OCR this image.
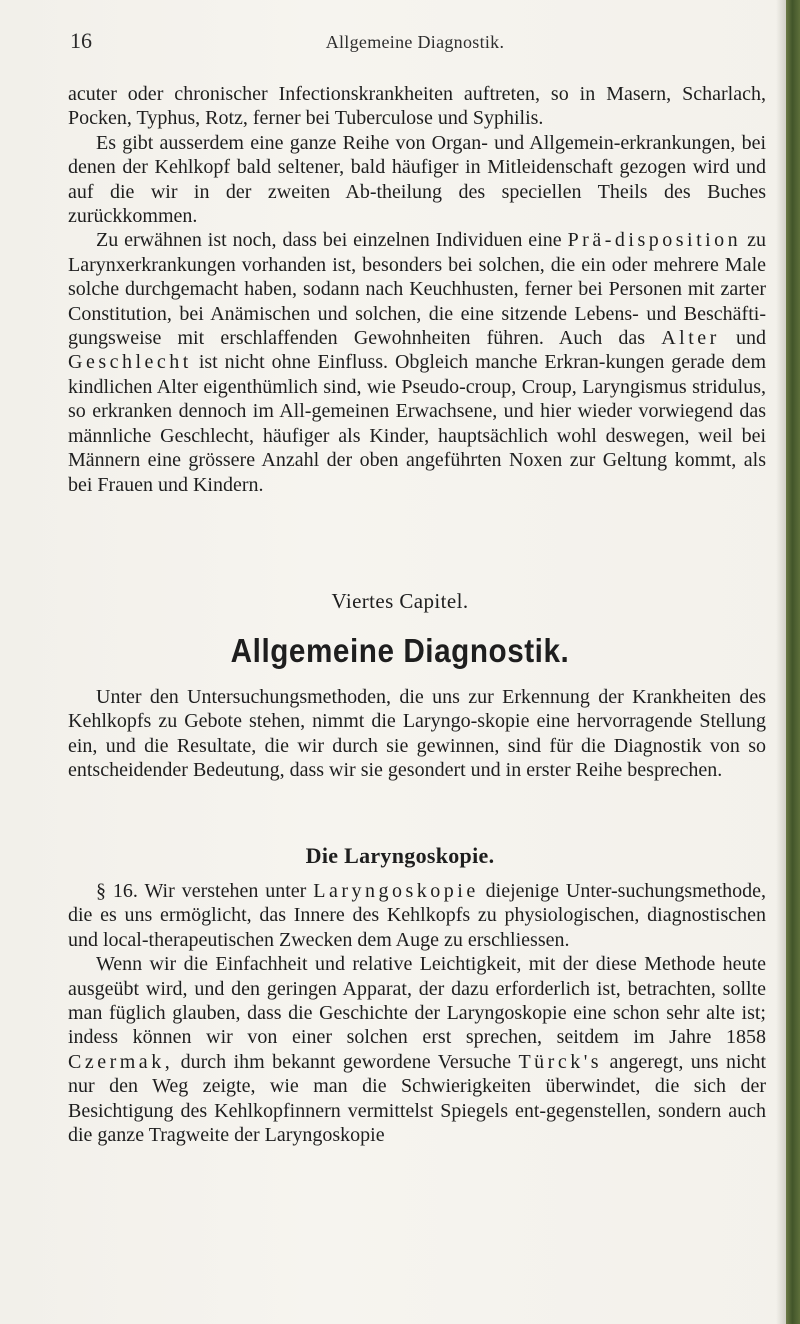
16	Allgemeine Diagnostik.

acuter oder chronischer Infectionskrankheiten auftreten, so in Masern, Scharlach, Pocken, Typhus, Rotz, ferner bei Tuberculose und Syphilis.

Es gibt ausserdem eine ganze Reihe von Organ- und Allgemein-erkrankungen, bei denen der Kehlkopf bald seltener, bald häufiger in Mitleidenschaft gezogen wird und auf die wir in der zweiten Ab-theilung des speciellen Theils des Buches zurückkommen.

Zu erwähnen ist noch, dass bei einzelnen Individuen eine Prä-disposition zu Larynxerkrankungen vorhanden ist, besonders bei solchen, die ein oder mehrere Male solche durchgemacht haben, sodann nach Keuchhusten, ferner bei Personen mit zarter Constitution, bei Anämischen und solchen, die eine sitzende Lebens- und Beschäfti-gungsweise mit erschlaffenden Gewohnheiten führen. Auch das Alter und Geschlecht ist nicht ohne Einfluss. Obgleich manche Erkran-kungen gerade dem kindlichen Alter eigenthümlich sind, wie Pseudo-croup, Croup, Laryngismus stridulus, so erkranken dennoch im All-gemeinen Erwachsene, und hier wieder vorwiegend das männliche Geschlecht, häufiger als Kinder, hauptsächlich wohl deswegen, weil bei Männern eine grössere Anzahl der oben angeführten Noxen zur Geltung kommt, als bei Frauen und Kindern.

Viertes Capitel.
Allgemeine Diagnostik.

Unter den Untersuchungsmethoden, die uns zur Erkennung der Krankheiten des Kehlkopfs zu Gebote stehen, nimmt die Laryngo-skopie eine hervorragende Stellung ein, und die Resultate, die wir durch sie gewinnen, sind für die Diagnostik von so entscheidender Bedeutung, dass wir sie gesondert und in erster Reihe besprechen.

Die Laryngoskopie.

§ 16. Wir verstehen unter Laryngoskopie diejenige Unter-suchungsmethode, die es uns ermöglicht, das Innere des Kehlkopfs zu physiologischen, diagnostischen und local-therapeutischen Zwecken dem Auge zu erschliessen.

Wenn wir die Einfachheit und relative Leichtigkeit, mit der diese Methode heute ausgeübt wird, und den geringen Apparat, der dazu erforderlich ist, betrachten, sollte man füglich glauben, dass die Geschichte der Laryngoskopie eine schon sehr alte ist; indess können wir von einer solchen erst sprechen, seitdem im Jahre 1858 Czermak, durch ihm bekannt gewordene Versuche Türck's angeregt, uns nicht nur den Weg zeigte, wie man die Schwierigkeiten überwindet, die sich der Besichtigung des Kehlkopfinnern vermittelst Spiegels ent-gegenstellen, sondern auch die ganze Tragweite der Laryngoskopie
